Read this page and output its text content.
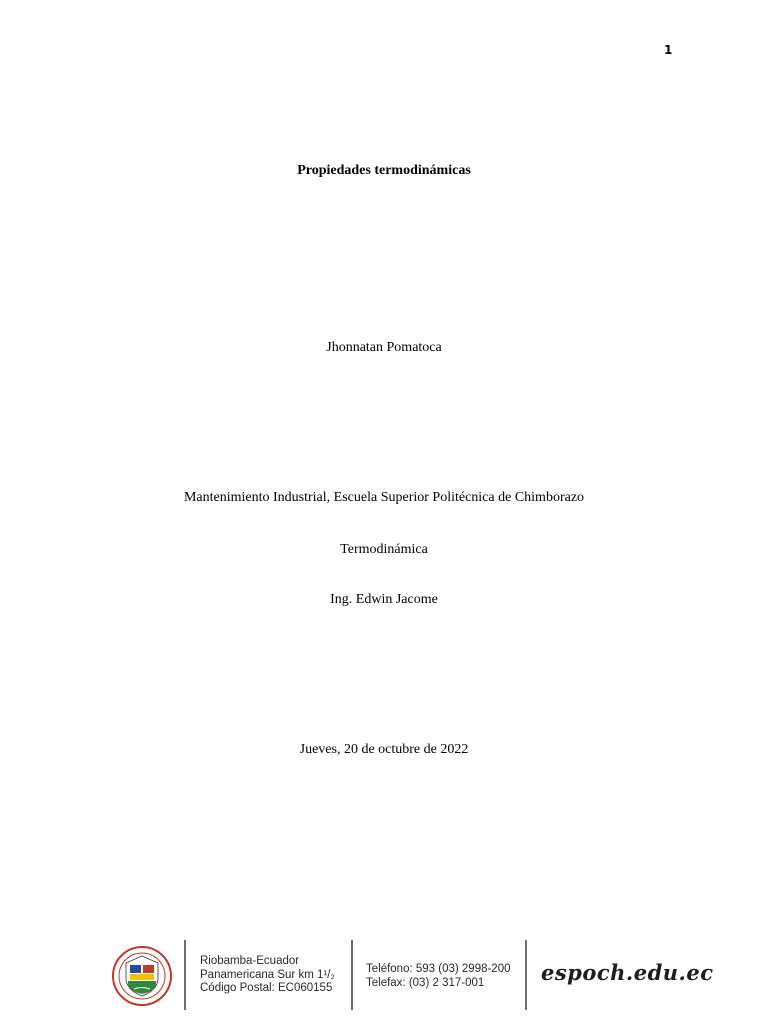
1
Propiedades termodinámicas
Jhonnatan Pomatoca
Mantenimiento Industrial, Escuela Superior Politécnica de Chimborazo
Termodinámica
Ing. Edwin Jacome
Jueves, 20 de octubre de 2022
Riobamba-Ecuador
Panamericana Sur km 1¹/₂
Código Postal: EC060155
Teléfono: 593 (03) 2998-200
Telefax: (03) 2 317-001	espoch.edu.ec
